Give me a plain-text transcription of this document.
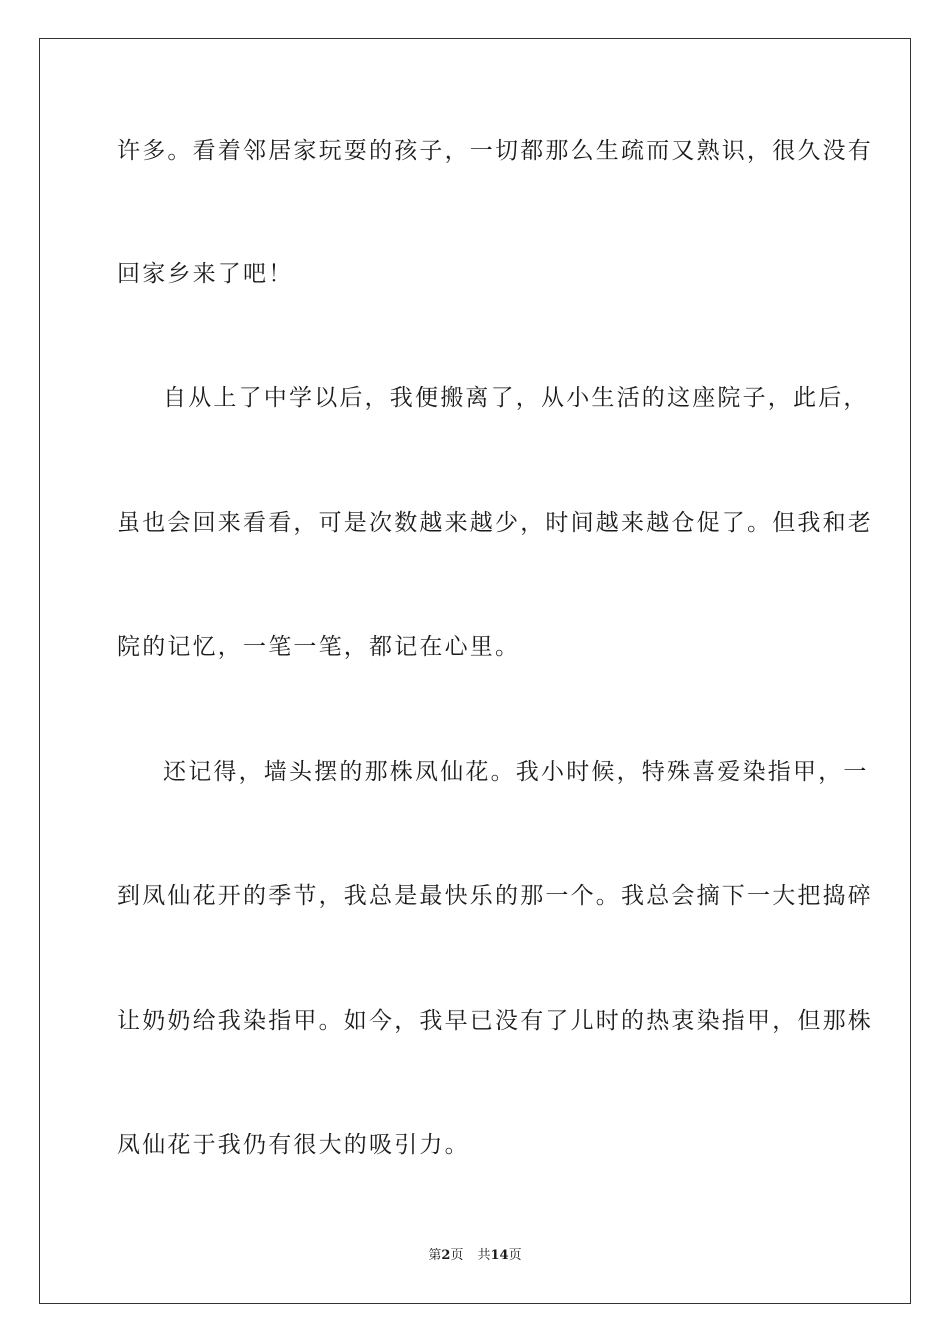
许多。看着邻居家玩耍的孩子，一切都那么生疏而又熟识，很久没有
回家乡来了吧！
自从上了中学以后，我便搬离了，从小生活的这座院子，此后，
虽也会回来看看，可是次数越来越少，时间越来越仓促了。但我和老
院的记忆，一笔一笔，都记在心里。
还记得，墙头摆的那株凤仙花。我小时候，特殊喜爱染指甲，一
到凤仙花开的季节，我总是最快乐的那一个。我总会摘下一大把捣碎
让奶奶给我染指甲。如今，我早已没有了儿时的热衷染指甲，但那株
凤仙花于我仍有很大的吸引力。
第2页 共14页
